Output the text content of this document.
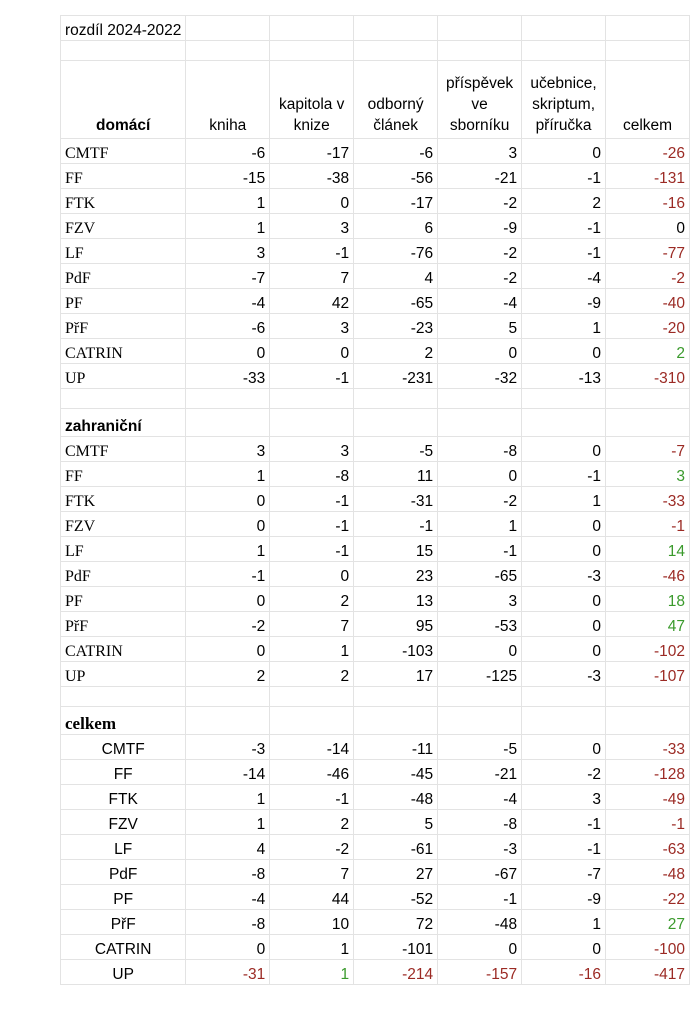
rozdíl 2024-2022						

domácí	kniha	kapitola v knize	odborný článek	příspěvek ve sborníku	učebnice, skriptum, příručka	celkem
CMTF	-6	-17	-6	3	0	-26
FF	-15	-38	-56	-21	-1	-131
FTK	1	0	-17	-2	2	-16
FZV	1	3	6	-9	-1	0
LF	3	-1	-76	-2	-1	-77
PdF	-7	7	4	-2	-4	-2
PF	-4	42	-65	-4	-9	-40
PřF	-6	3	-23	5	1	-20
CATRIN	0	0	2	0	0	2
UP	-33	-1	-231	-32	-13	-310

zahraniční						
CMTF	3	3	-5	-8	0	-7
FF	1	-8	11	0	-1	3
FTK	0	-1	-31	-2	1	-33
FZV	0	-1	-1	1	0	-1
LF	1	-1	15	-1	0	14
PdF	-1	0	23	-65	-3	-46
PF	0	2	13	3	0	18
PřF	-2	7	95	-53	0	47
CATRIN	0	1	-103	0	0	-102
UP	2	2	17	-125	-3	-107

celkem						
CMTF	-3	-14	-11	-5	0	-33
FF	-14	-46	-45	-21	-2	-128
FTK	1	-1	-48	-4	3	-49
FZV	1	2	5	-8	-1	-1
LF	4	-2	-61	-3	-1	-63
PdF	-8	7	27	-67	-7	-48
PF	-4	44	-52	-1	-9	-22
PřF	-8	10	72	-48	1	27
CATRIN	0	1	-101	0	0	-100
UP	-31	1	-214	-157	-16	-417
